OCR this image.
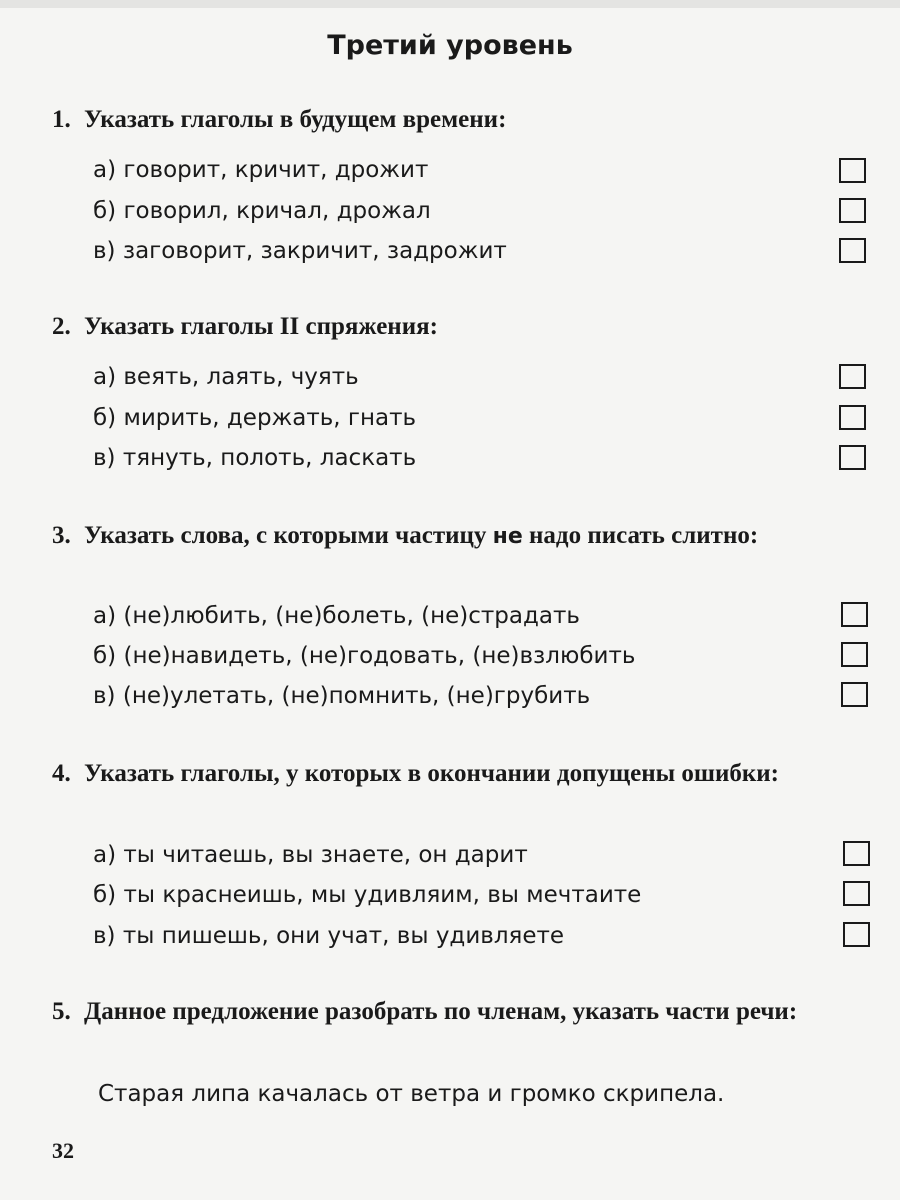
Третий уровень
1. Указать глаголы в будущем времени:
а) говорит, кричит, дрожит
б) говорил, кричал, дрожал
в) заговорит, закричит, задрожит
2. Указать глаголы II спряжения:
а) веять, лаять, чуять
б) мирить, держать, гнать
в) тянуть, полоть, ласкать
3. Указать слова, с которыми частицу не надо писать слитно:
а) (не)любить, (не)болеть, (не)страдать
б) (не)навидеть, (не)годовать, (не)взлюбить
в) (не)улетать, (не)помнить, (не)грубить
4. Указать глаголы, у которых в окончании допущены ошибки:
а) ты читаешь, вы знаете, он дарит
б) ты краснеишь, мы удивляим, вы мечтаите
в) ты пишешь, они учат, вы удивляете
5. Данное предложение разобрать по членам, указать части речи:
Старая липа качалась от ветра и громко скрипела.
32
